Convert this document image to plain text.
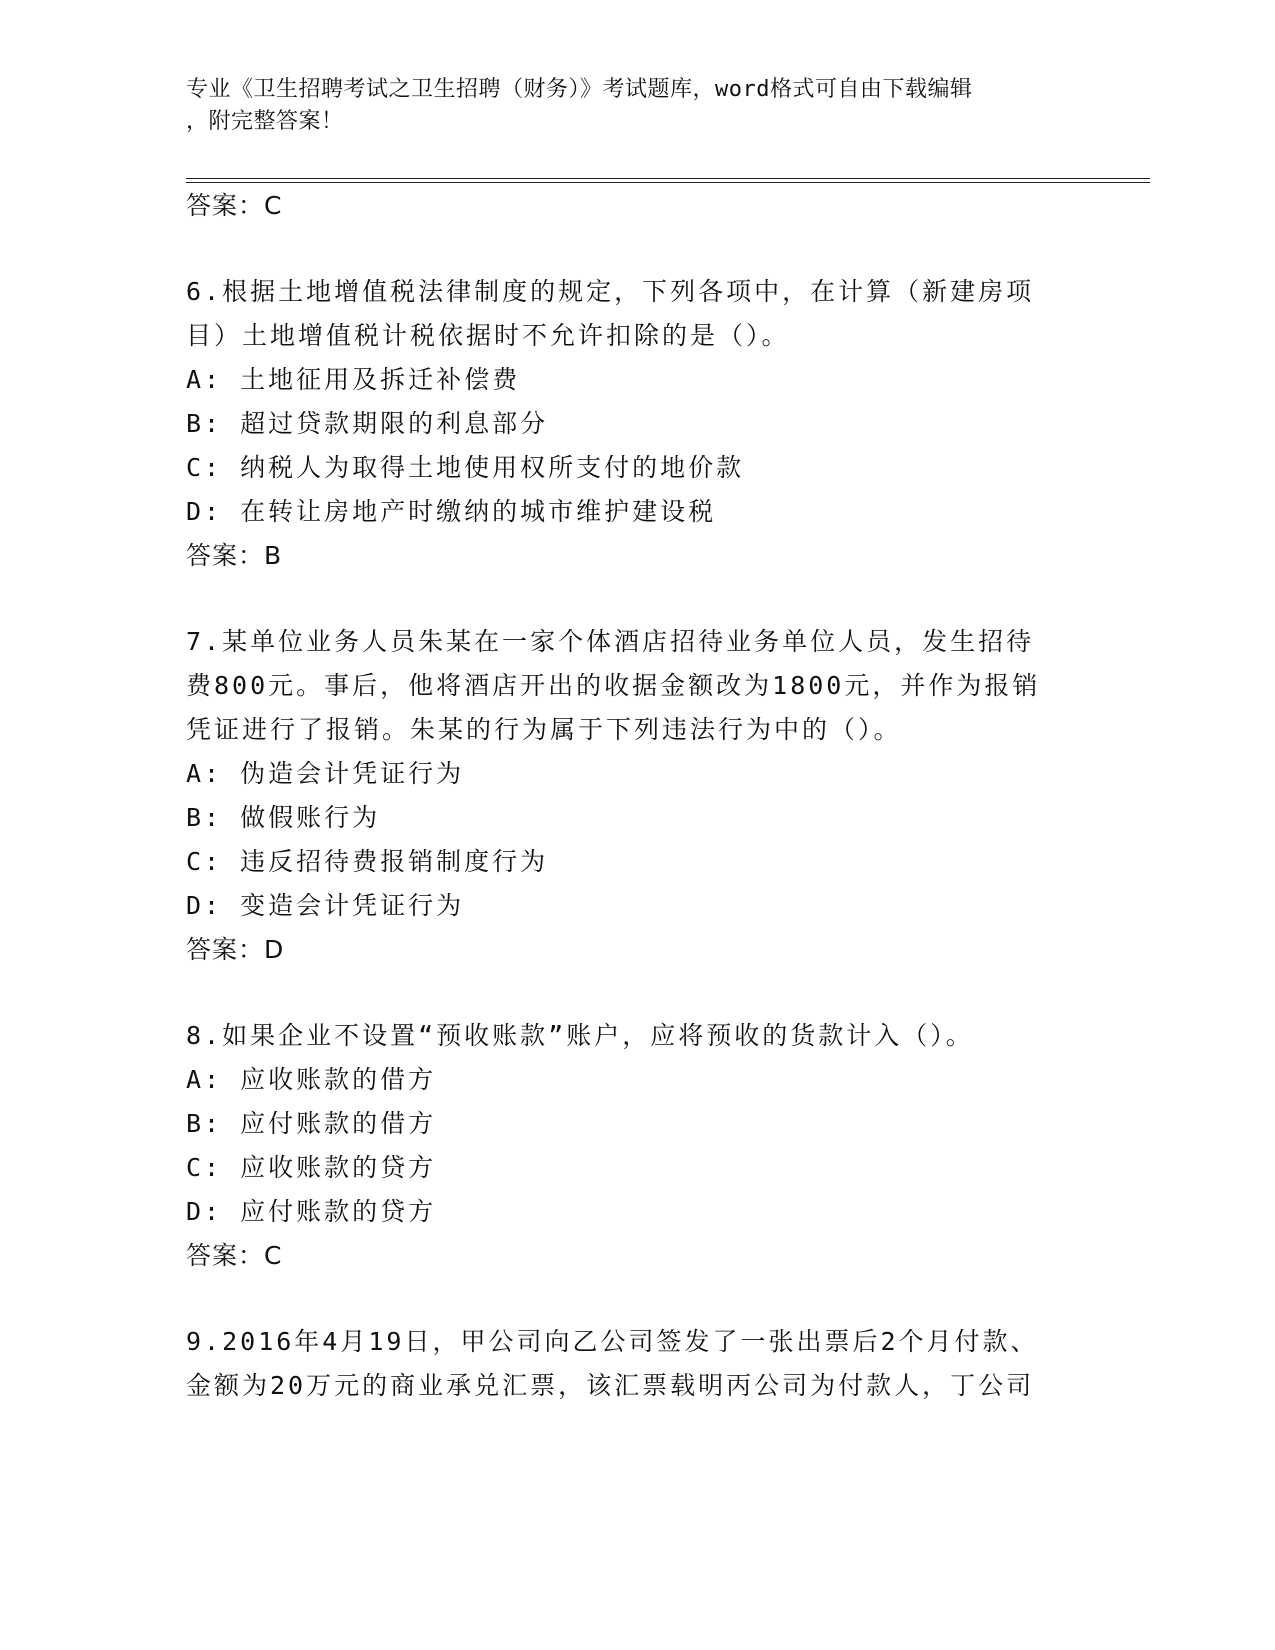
专业《卫生招聘考试之卫生招聘（财务）》考试题库，word格式可自由下载编辑
，附完整答案！
答案：C
6.根据土地增值税法律制度的规定，下列各项中，在计算（新建房项
目）土地增值税计税依据时不允许扣除的是（）。
A: 土地征用及拆迁补偿费
B: 超过贷款期限的利息部分
C: 纳税人为取得土地使用权所支付的地价款
D: 在转让房地产时缴纳的城市维护建设税
答案：B
7.某单位业务人员朱某在一家个体酒店招待业务单位人员，发生招待
费800元。事后，他将酒店开出的收据金额改为1800元，并作为报销
凭证进行了报销。朱某的行为属于下列违法行为中的（）。
A: 伪造会计凭证行为
B: 做假账行为
C: 违反招待费报销制度行为
D: 变造会计凭证行为
答案：D
8.如果企业不设置“预收账款”账户，应将预收的货款计入（）。
A: 应收账款的借方
B: 应付账款的借方
C: 应收账款的贷方
D: 应付账款的贷方
答案：C
9.2016年4月19日，甲公司向乙公司签发了一张出票后2个月付款、
金额为20万元的商业承兑汇票，该汇票载明丙公司为付款人，丁公司
